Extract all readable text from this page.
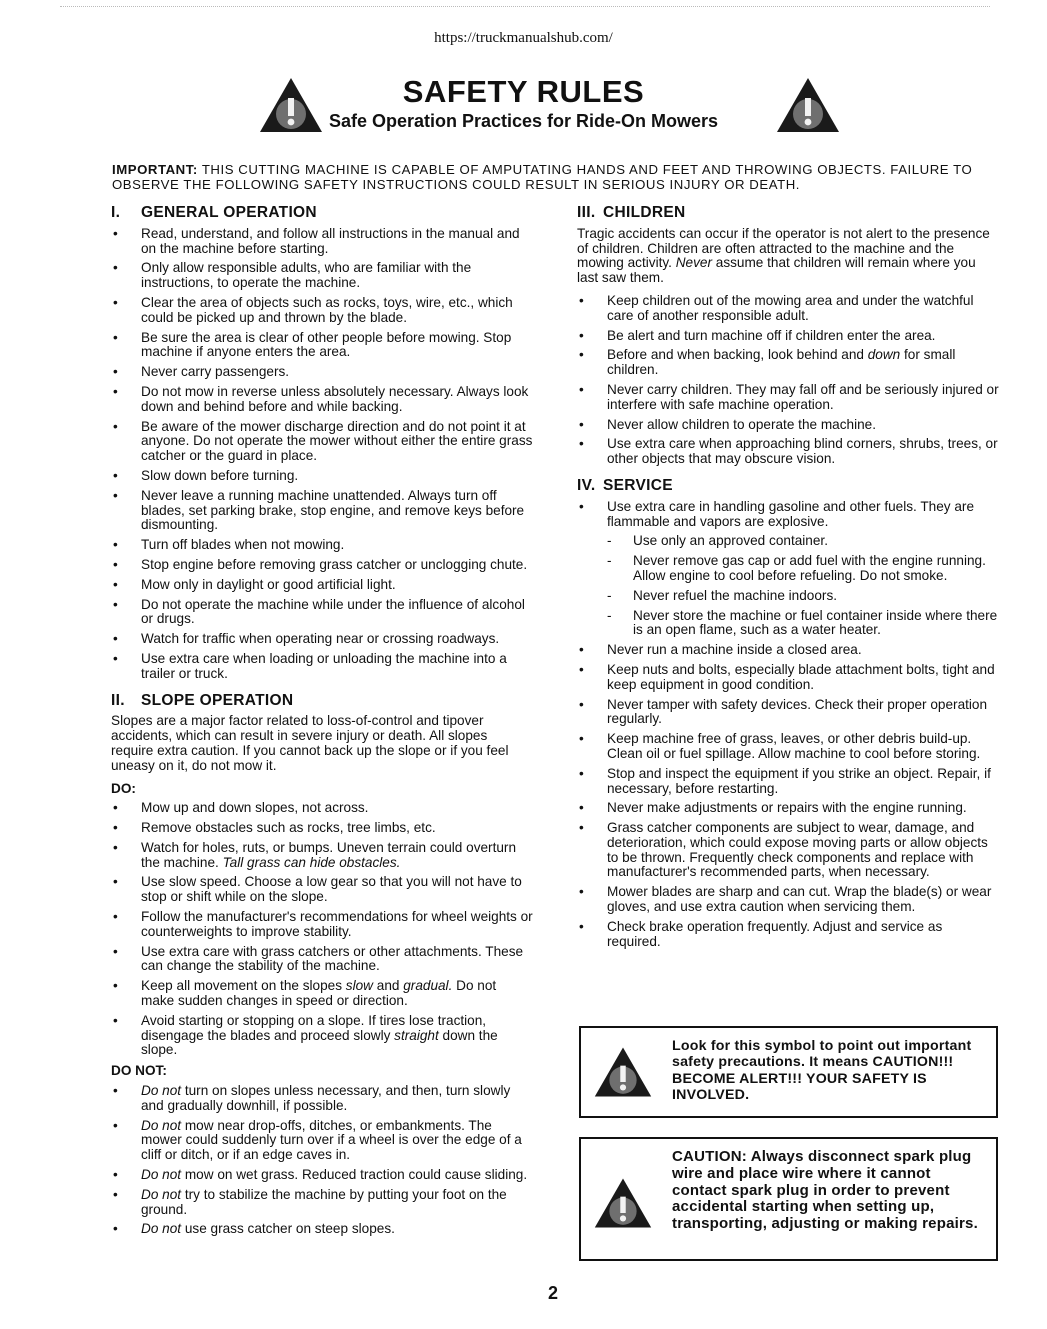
https://truckmanualshub.com/
SAFETY RULES
Safe Operation Practices for Ride-On Mowers
IMPORTANT: THIS CUTTING MACHINE IS CAPABLE OF AMPUTATING HANDS AND FEET AND THROWING OBJECTS. FAILURE TO OBSERVE THE FOLLOWING SAFETY INSTRUCTIONS COULD RESULT IN SERIOUS INJURY OR DEATH.
I. GENERAL OPERATION
• Read, understand, and follow all instructions in the manual and on the machine before starting.
• Only allow responsible adults, who are familiar with the instructions, to operate the machine.
• Clear the area of objects such as rocks, toys, wire, etc., which could be picked up and thrown by the blade.
• Be sure the area is clear of other people before mowing. Stop machine if anyone enters the area.
• Never carry passengers.
• Do not mow in reverse unless absolutely necessary. Always look down and behind before and while backing.
• Be aware of the mower discharge direction and do not point it at anyone. Do not operate the mower without either the entire grass catcher or the guard in place.
• Slow down before turning.
• Never leave a running machine unattended. Always turn off blades, set parking brake, stop engine, and remove keys before dismounting.
• Turn off blades when not mowing.
• Stop engine before removing grass catcher or unclogging chute.
• Mow only in daylight or good artificial light.
• Do not operate the machine while under the influence of alcohol or drugs.
• Watch for traffic when operating near or crossing roadways.
• Use extra care when loading or unloading the machine into a trailer or truck.
II. SLOPE OPERATION

Slopes are a major factor related to loss-of-control and tipover accidents, which can result in severe injury or death. All slopes require extra caution. If you cannot back up the slope or if you feel uneasy on it, do not mow it.

DO:
• Mow up and down slopes, not across.
• Remove obstacles such as rocks, tree limbs, etc.
• Watch for holes, ruts, or bumps. Uneven terrain could overturn the machine. Tall grass can hide obstacles.
• Use slow speed. Choose a low gear so that you will not have to stop or shift while on the slope.
• Follow the manufacturer's recommendations for wheel weights or counterweights to improve stability.
• Use extra care with grass catchers or other attachments. These can change the stability of the machine.
• Keep all movement on the slopes slow and gradual. Do not make sudden changes in speed or direction.
• Avoid starting or stopping on a slope. If tires lose traction, disengage the blades and proceed slowly straight down the slope.
DO NOT:
• Do not turn on slopes unless necessary, and then, turn slowly and gradually downhill, if possible.
• Do not mow near drop-offs, ditches, or embankments. The mower could suddenly turn over if a wheel is over the edge of a cliff or ditch, or if an edge caves in.
• Do not mow on wet grass. Reduced traction could cause sliding.
• Do not try to stabilize the machine by putting your foot on the ground.
• Do not use grass catcher on steep slopes.
III. CHILDREN

Tragic accidents can occur if the operator is not alert to the presence of children. Children are often attracted to the machine and the mowing activity. Never assume that children will remain where you last saw them.

• Keep children out of the mowing area and under the watchful care of another responsible adult.
• Be alert and turn machine off if children enter the area.
• Before and when backing, look behind and down for small children.
• Never carry children. They may fall off and be seriously injured or interfere with safe machine operation.
• Never allow children to operate the machine.
• Use extra care when approaching blind corners, shrubs, trees, or other objects that may obscure vision.
IV. SERVICE
• Use extra care in handling gasoline and other fuels. They are flammable and vapors are explosive.
- Use only an approved container.
- Never remove gas cap or add fuel with the engine running. Allow engine to cool before refueling. Do not smoke.
- Never refuel the machine indoors.
- Never store the machine or fuel container inside where there is an open flame, such as a water heater.
• Never run a machine inside a closed area.
• Keep nuts and bolts, especially blade attachment bolts, tight and keep equipment in good condition.
• Never tamper with safety devices. Check their proper operation regularly.
• Keep machine free of grass, leaves, or other debris build-up. Clean oil or fuel spillage. Allow machine to cool before storing.
• Stop and inspect the equipment if you strike an object. Repair, if necessary, before restarting.
• Never make adjustments or repairs with the engine running.
• Grass catcher components are subject to wear, damage, and deterioration, which could expose moving parts or allow objects to be thrown. Frequently check components and replace with manufacturer's recommended parts, when necessary.
• Mower blades are sharp and can cut. Wrap the blade(s) or wear gloves, and use extra caution when servicing them.
• Check brake operation frequently. Adjust and service as required.
Look for this symbol to point out important safety precautions. It means CAUTION!!! BECOME ALERT!!! YOUR SAFETY IS INVOLVED.
CAUTION: Always disconnect spark plug wire and place wire where it cannot contact spark plug in order to prevent accidental starting when setting up, transporting, adjusting or making repairs.
2
